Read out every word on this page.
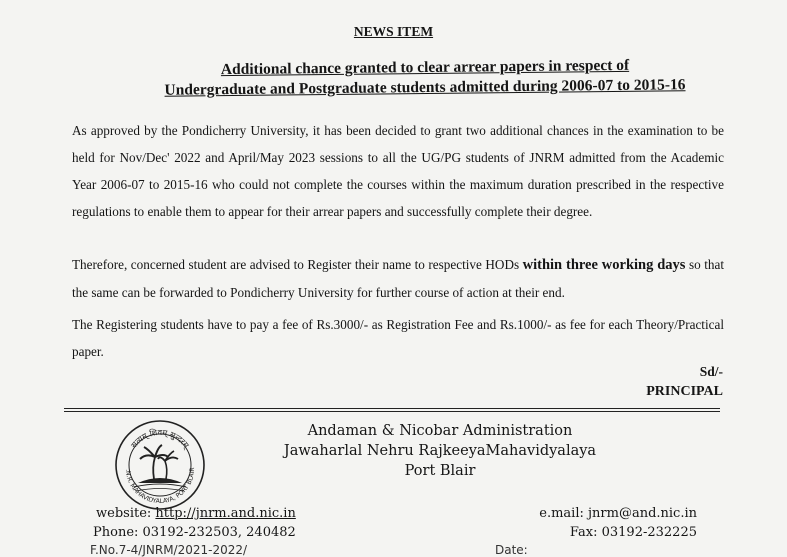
NEWS ITEM
Additional chance granted to clear arrear papers in respect of
Undergraduate and Postgraduate students admitted during 2006-07 to 2015-16
As approved by the Pondicherry University, it has been decided to grant two additional chances in the examination to be held for Nov/Dec' 2022 and April/May 2023 sessions to all the UG/PG students of JNRM admitted from the Academic Year 2006-07 to 2015-16 who could not complete the courses within the maximum duration prescribed in the respective regulations to enable them to appear for their arrear papers and successfully complete their degree.
Therefore, concerned student are advised to Register their name to respective HODs within three working days so that the same can be forwarded to Pondicherry University for further course of action at their end.
The Registering students have to pay a fee of Rs.3000/- as Registration Fee and Rs.1000/- as fee for each Theory/Practical paper.
Sd/-
PRINCIPAL
सत्यम् शिवम् सुन्दरम्
.N.R. MAHAVIDYALAYA, PORT BLAIR
Andaman & Nicobar Administration
Jawaharlal Nehru RajkeeyaMahavidyalaya
Port Blair
website: http://jnrm.and.nic.in
Phone: 03192-232503, 240482
e.mail: jnrm@and.nic.in
Fax: 03192-232225
F.No.7-4/JNRM/2021-2022/	Date:
